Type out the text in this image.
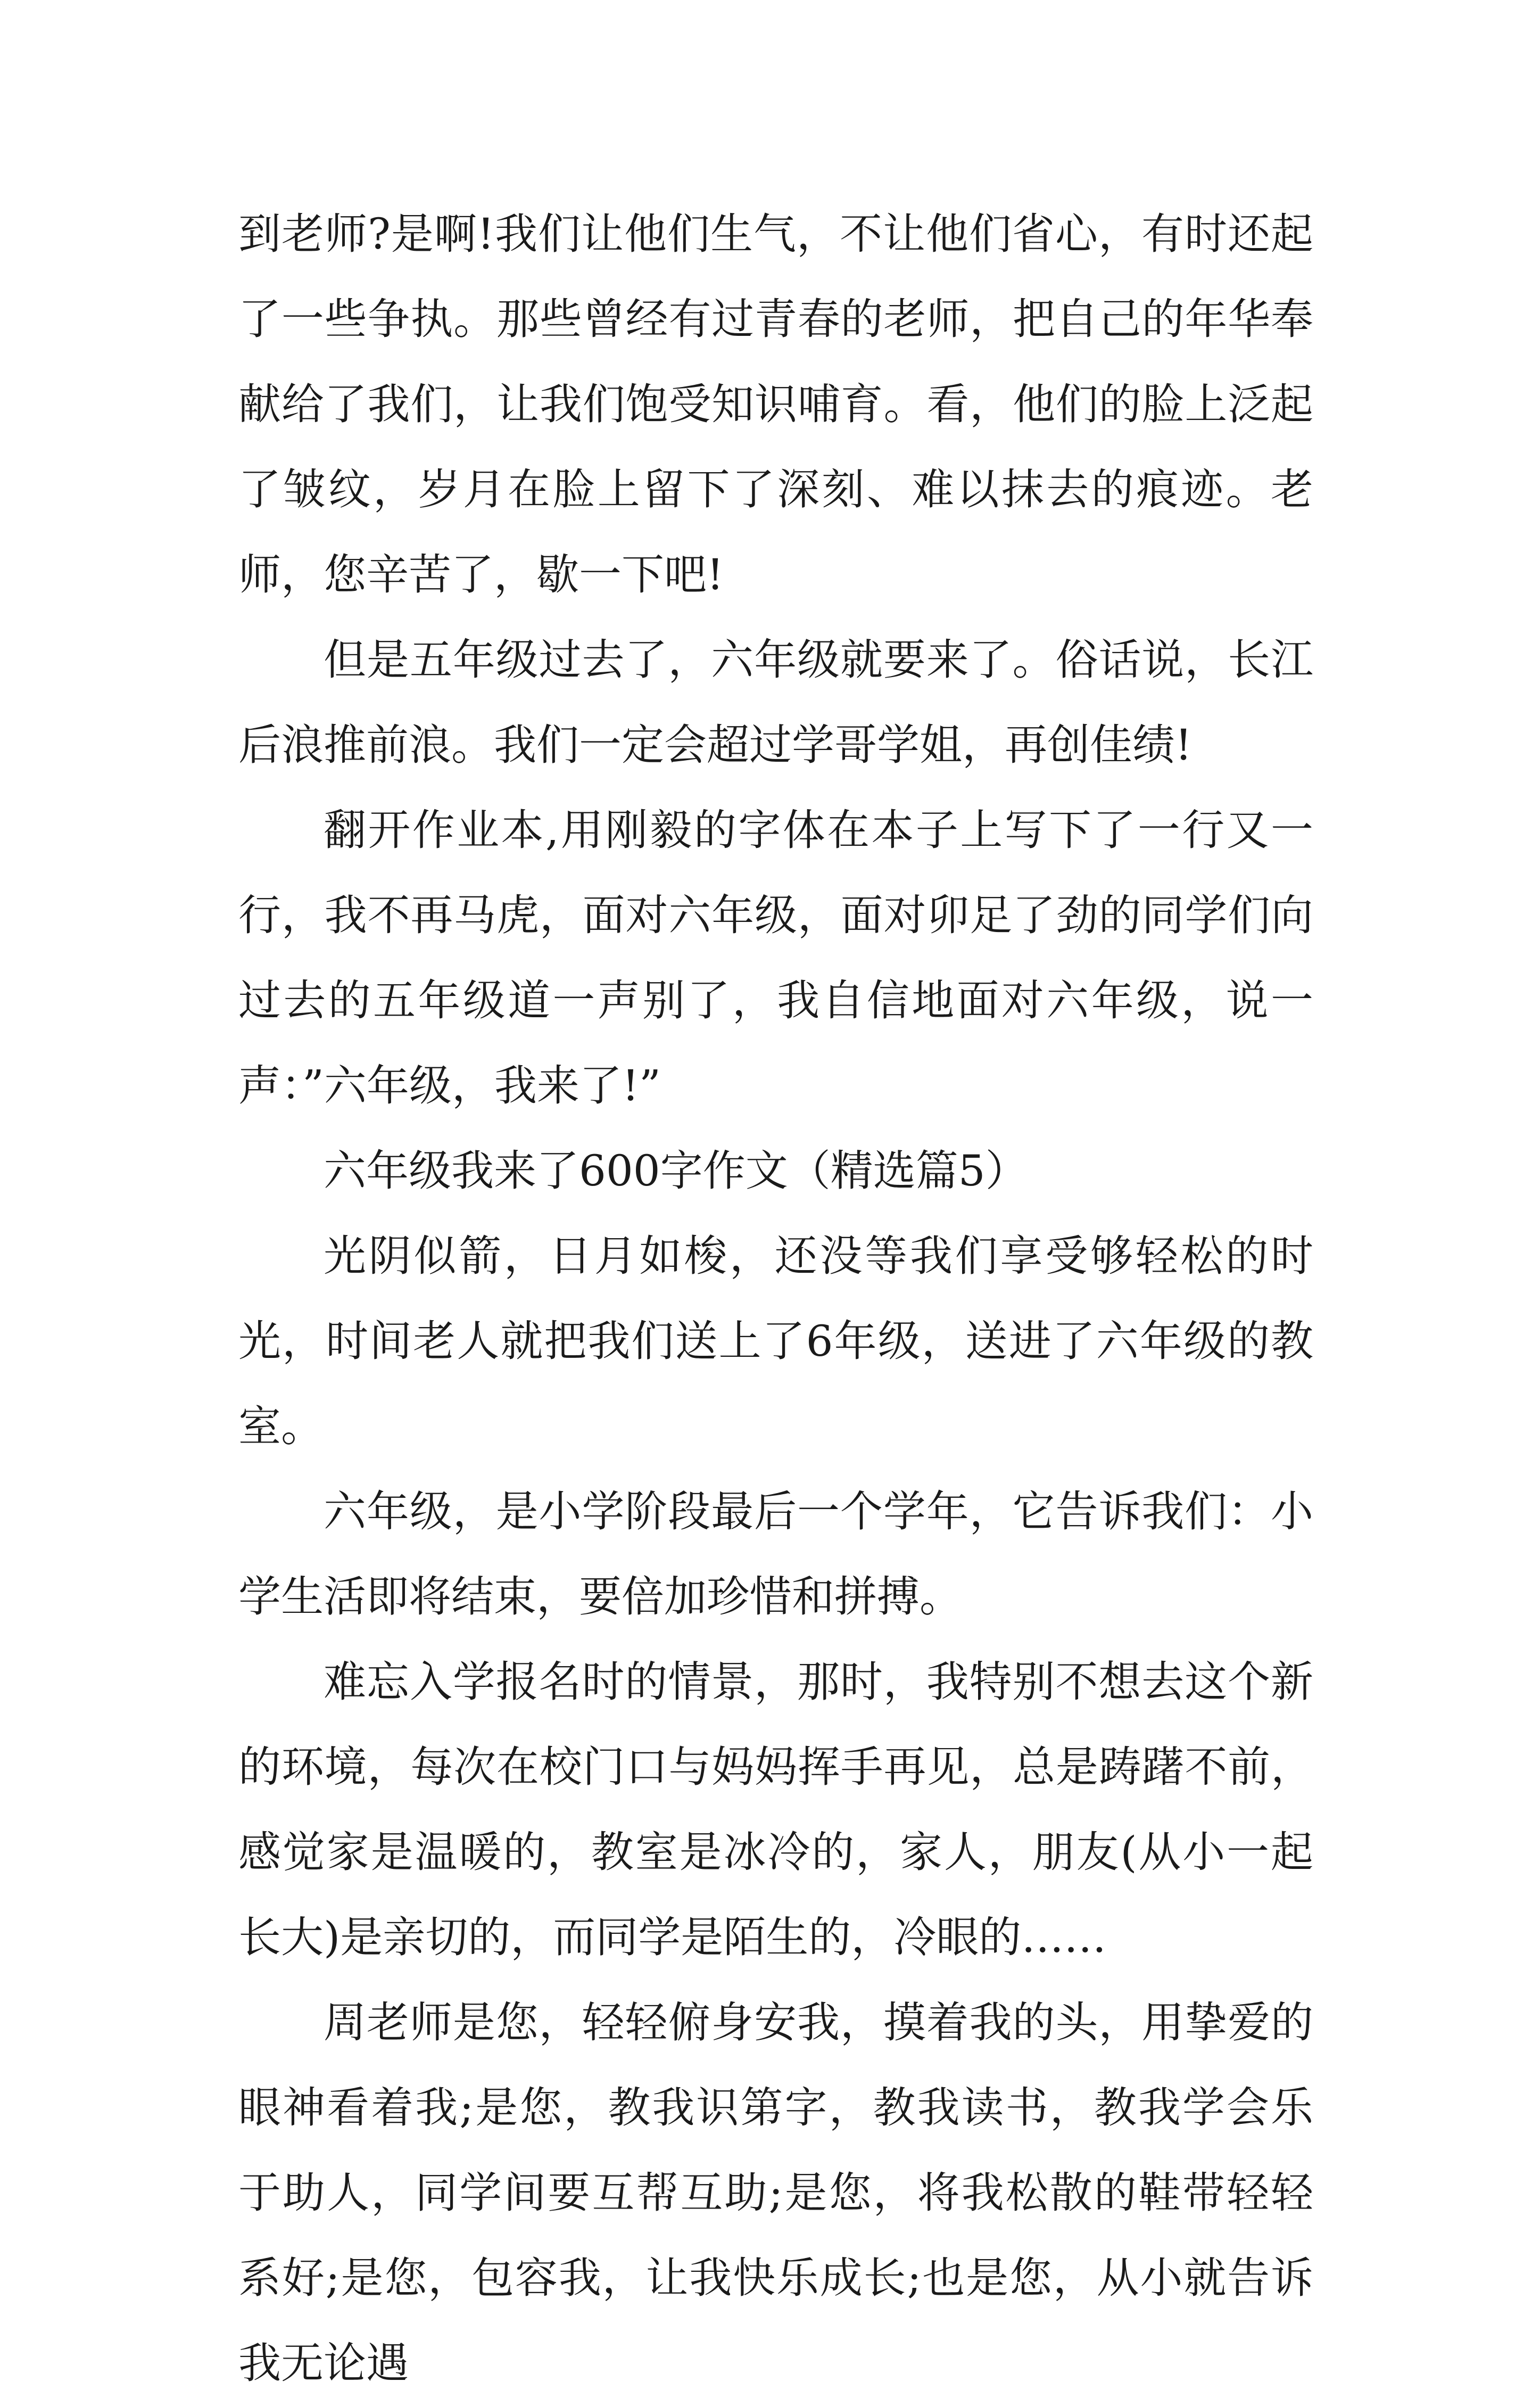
到老师?是啊!我们让他们生气，不让他们省心，有时还起了一些争执。那些曾经有过青春的老师，把自己的年华奉献给了我们，让我们饱受知识哺育。看，他们的脸上泛起了皱纹，岁月在脸上留下了深刻、难以抹去的痕迹。老师，您辛苦了，歇一下吧!

但是五年级过去了，六年级就要来了。俗话说，长江后浪推前浪。我们一定会超过学哥学姐，再创佳绩!

翻开作业本,用刚毅的字体在本子上写下了一行又一行，我不再马虎，面对六年级，面对卯足了劲的同学们向过去的五年级道一声别了，我自信地面对六年级，说一声：”六年级，我来了!”

六年级我来了600字作文（精选篇5）

光阴似箭，日月如梭，还没等我们享受够轻松的时光，时间老人就把我们送上了6年级，送进了六年级的教室。

六年级，是小学阶段最后一个学年，它告诉我们：小学生活即将结束，要倍加珍惜和拼搏。

难忘入学报名时的情景，那时，我特别不想去这个新的环境，每次在校门口与妈妈挥手再见，总是踌躇不前，感觉家是温暖的，教室是冰冷的，家人，朋友(从小一起长大)是亲切的，而同学是陌生的，冷眼的……

周老师是您，轻轻俯身安我，摸着我的头，用挚爱的眼神看着我;是您，教我识第字，教我读书，教我学会乐于助人，同学间要互帮互助;是您，将我松散的鞋带轻轻系好;是您，包容我，让我快乐成长;也是您，从小就告诉我无论遇
